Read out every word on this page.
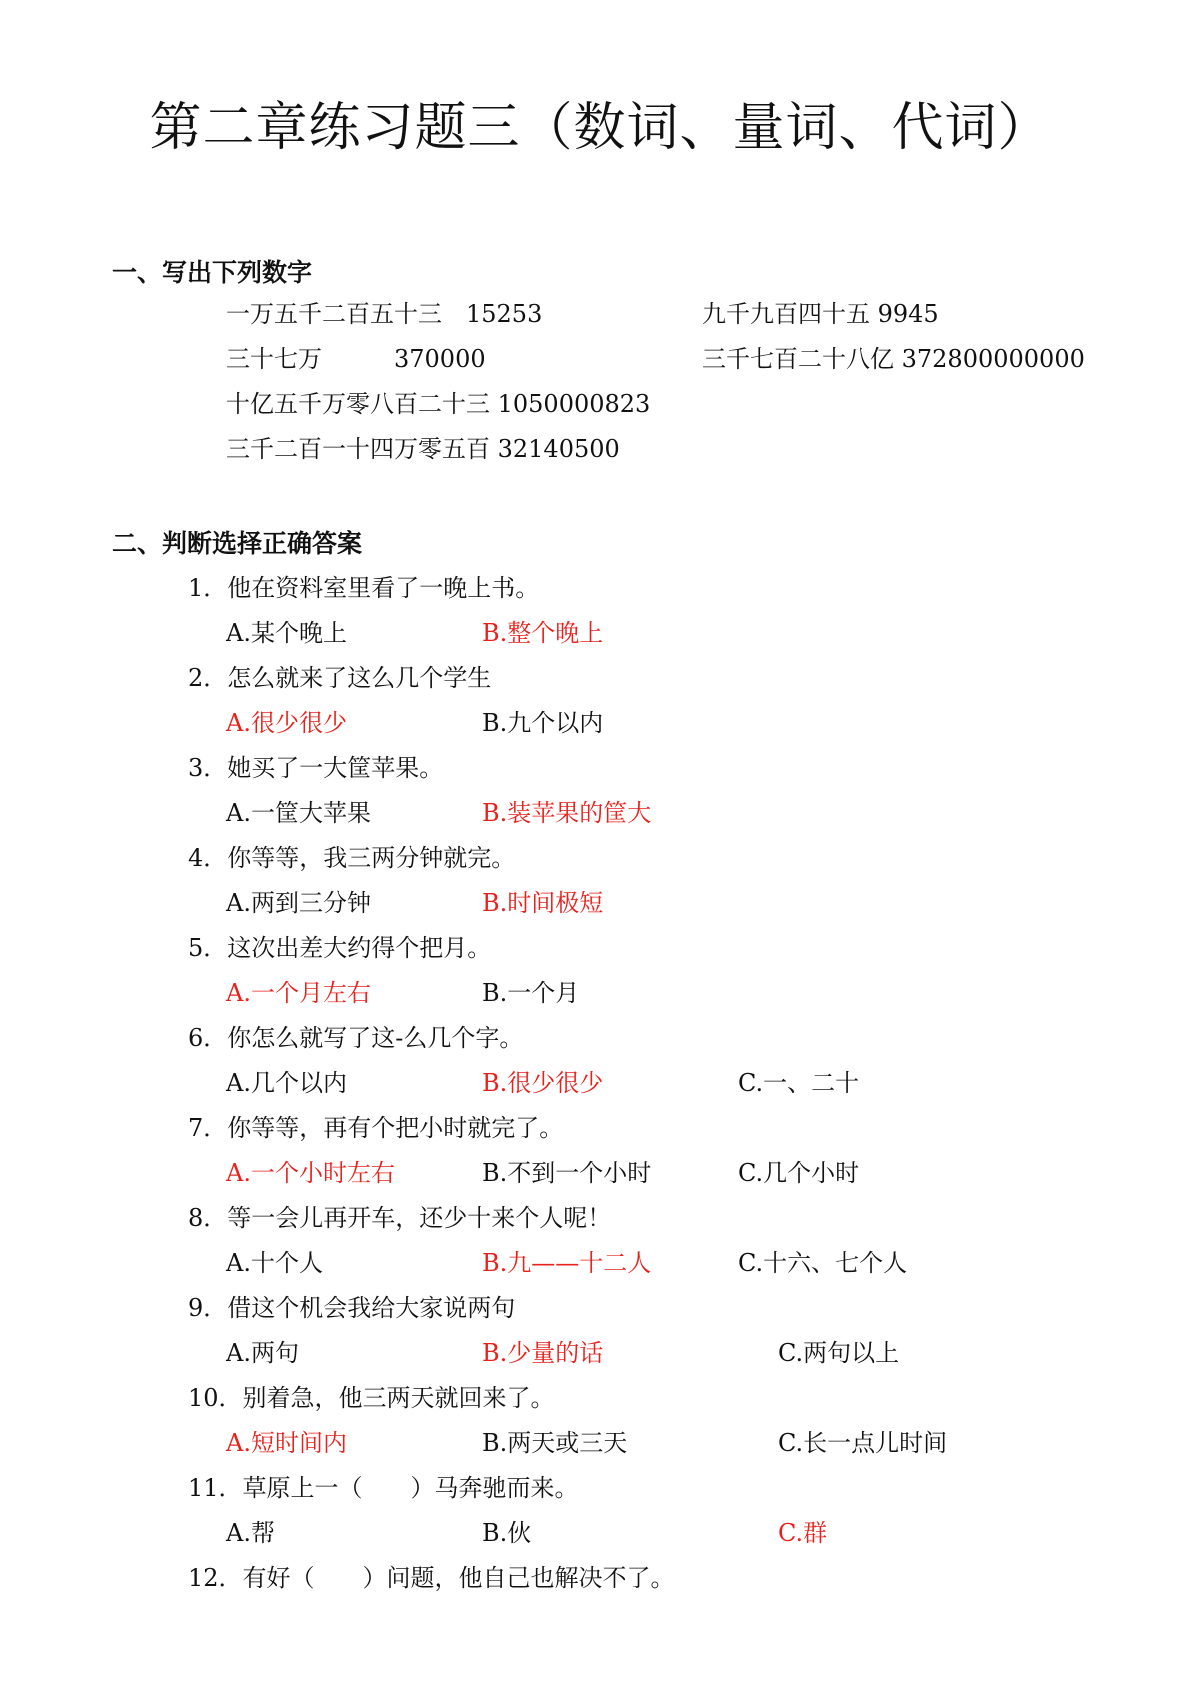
第二章练习题三（数词、量词、代词）
一、写出下列数字
一万五千二百五十三　15253	九千九百四十五 9945
三十七万　　　370000	三千七百二十八亿 372800000000
十亿五千万零八百二十三 1050000823
三千二百一十四万零五百 32140500
二、判断选择正确答案
1．他在资料室里看了一晚上书。
A.某个晚上	B.整个晚上
2．怎么就来了这么几个学生
A.很少很少	B.九个以内
3．她买了一大筐苹果。
A.一筐大苹果	B.装苹果的筐大
4．你等等，我三两分钟就完。
A.两到三分钟	B.时间极短
5．这次出差大约得个把月。
A.一个月左右	B.一个月
6．你怎么就写了这-么几个字。
A.几个以内	B.很少很少	C.一、二十
7．你等等，再有个把小时就完了。
A.一个小时左右	B.不到一个小时	C.几个小时
8．等一会儿再开车，还少十来个人呢！
A.十个人	B.九——十二人	C.十六、七个人
9．借这个机会我给大家说两句
A.两句	B.少量的话	C.两句以上
10．别着急，他三两天就回来了。
A.短时间内	B.两天或三天	C.长一点儿时间
11．草原上一（　　）马奔驰而来。
A.帮	B.伙	C.群
12．有好（　　）问题，他自己也解决不了。
